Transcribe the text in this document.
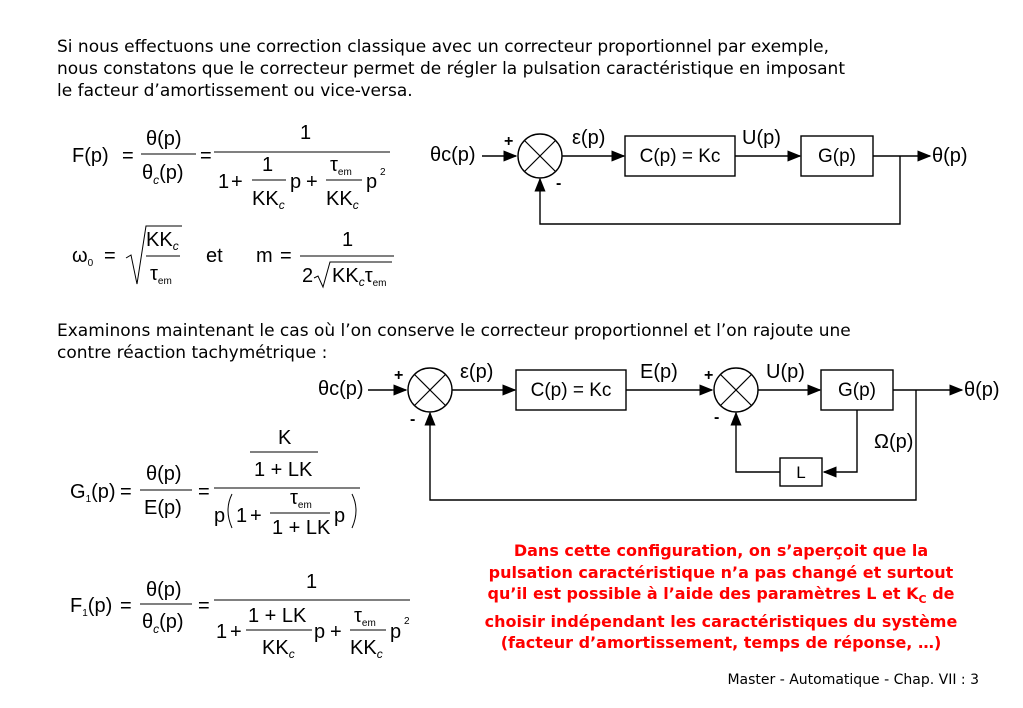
Si nous effectuons une correction classique avec un correcteur proportionnel par exemple,
nous constatons que le correcteur permet de régler la pulsation caractéristique en imposant
le facteur d’amortissement ou vice-versa.
F(p) =
θ(p)
$\theta_c(p)$
=
1
1 +
1
$KK_c$
p +
$\tau_{em}$
$KK_c$
p 2
$\omega_0$ =
$KK_c$
$\tau_{em}$
et m =
1
2 $KK_c\tau_{em}$
θc(p)
+
-
ε(p)
C(p) = Kc
U(p)
G(p)	θ(p)
Examinons maintenant le cas où l’on conserve le correcteur proportionnel et l’on rajoute une
contre réaction tachymétrique :
θc(p)
+
-
ε(p)
C(p) = Kc
E(p) +
-
U(p)
G(p)	θ(p)
Ω(p)
L
$G_1(p)$ =
θ(p)
E(p)
=
K
1 + LK
p 1 +
$\tau_{em}$
1 + LK
p
$F_1(p)$ =
θ(p)
$\theta_c(p)$
=
1
1 +
1 + LK
$KK_c$
p +
$\tau_{em}$
$KK_c$
p 2
Dans cette configuration, on s’aperçoit que la
pulsation caractéristique n’a pas changé et surtout
qu’il est possible à l’aide des paramètres L et $K_C$ de
choisir indépendant les caractéristiques du système
(facteur d’amortissement, temps de réponse, …)
Master - Automatique - Chap. VII : 3
